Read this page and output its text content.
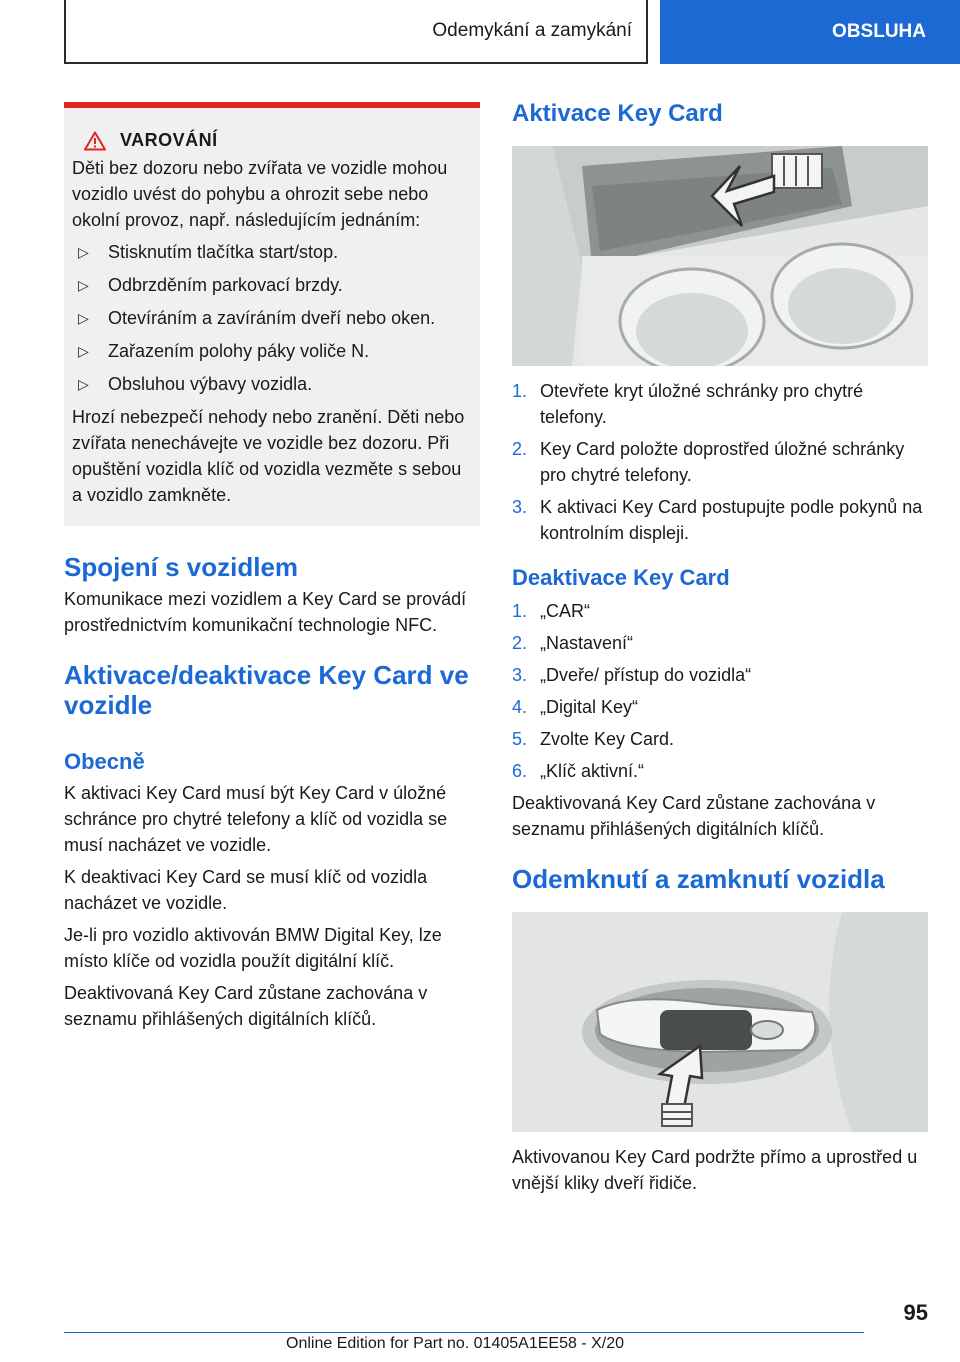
Odemykání a zamykání	OBSLUHA
VAROVÁNÍ

Děti bez dozoru nebo zvířata ve vozidle mohou vozidlo uvést do pohybu a ohrozit sebe nebo okolní provoz, např. následujícím jednáním:

▷ Stisknutím tlačítka start/stop.
▷ Odbrzděním parkovací brzdy.
▷ Otevíráním a zavíráním dveří nebo oken.
▷ Zařazením polohy páky voliče N.
▷ Obsluhou výbavy vozidla.

Hrozí nebezpečí nehody nebo zranění. Děti nebo zvířata nenechávejte ve vozidle bez dozoru. Při opuštění vozidla klíč od vozidla vezměte s sebou a vozidlo zamkněte.

Spojení s vozidlem

Komunikace mezi vozidlem a Key Card se provádí prostřednictvím komunikační technologie NFC.

Aktivace/deaktivace Key Card ve vozidle
Obecně

K aktivaci Key Card musí být Key Card v úložné schránce pro chytré telefony a klíč od vozidla se musí nacházet ve vozidle.

K deaktivaci Key Card se musí klíč od vozidla nacházet ve vozidle.

Je-li pro vozidlo aktivován BMW Digital Key, lze místo klíče od vozidla použít digitální klíč.

Deaktivovaná Key Card zůstane zachována v seznamu přihlášených digitálních klíčů.

Aktivace Key Card
1. Otevřete kryt úložné schránky pro chytré telefony.
2. Key Card položte doprostřed úložné schránky pro chytré telefony.
3. K aktivaci Key Card postupujte podle pokynů na kontrolním displeji.
Deaktivace Key Card
1. „CAR“
2. „Nastavení“
3. „Dveře/ přístup do vozidla“
4. „Digital Key“
5. Zvolte Key Card.
6. „Klíč aktivní.“

Deaktivovaná Key Card zůstane zachována v seznamu přihlášených digitálních klíčů.

Odemknutí a zamknutí vozidla

Aktivovanou Key Card podržte přímo a uprostřed u vnější kliky dveří řidiče.

95
Online Edition for Part no. 01405A1EE58 - X/20
